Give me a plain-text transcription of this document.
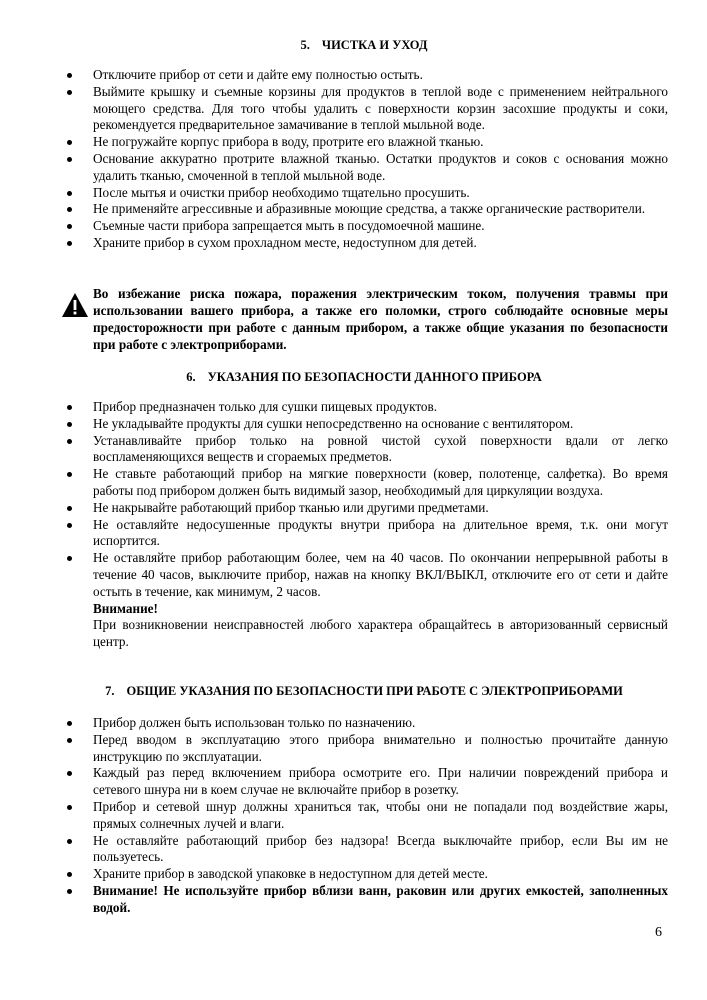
5. ЧИСТКА И УХОД
Отключите прибор от сети и дайте ему полностью остыть.
Выймите крышку и съемные корзины для продуктов в теплой воде с применением нейтрального моющего средства. Для того чтобы удалить с поверхности корзин засохшие продукты и соки, рекомендуется предварительное замачивание в теплой мыльной воде.
Не погружайте корпус прибора в воду, протрите его влажной тканью.
Основание аккуратно протрите влажной тканью. Остатки продуктов и соков с основания можно удалить тканью, смоченной в теплой мыльной воде.
После мытья и очистки прибор необходимо тщательно просушить.
Не применяйте агрессивные и абразивные моющие средства, а также органические растворители.
Съемные части прибора запрещается мыть в посудомоечной машине.
Храните прибор в сухом прохладном месте, недоступном для детей.
Во избежание риска пожара, поражения электрическим током, получения травмы при использовании вашего прибора, а также его поломки, строго соблюдайте основные меры предосторожности при работе с данным прибором, а также общие указания по безопасности при работе с электроприборами.
6. УКАЗАНИЯ ПО БЕЗОПАСНОСТИ ДАННОГО ПРИБОРА
Прибор предназначен только для сушки пищевых продуктов.
Не укладывайте продукты для сушки непосредственно на основание с вентилятором.
Устанавливайте прибор только на ровной чистой сухой поверхности вдали от легко воспламеняющихся веществ и сгораемых предметов.
Не ставьте работающий прибор на мягкие поверхности (ковер, полотенце, салфетка). Во время работы под прибором должен быть видимый зазор, необходимый для циркуляции воздуха.
Не накрывайте работающий прибор тканью или другими предметами.
Не оставляйте недосушенные продукты внутри прибора на длительное время, т.к. они могут испортится.
Не оставляйте прибор работающим более, чем на 40 часов. По окончании непрерывной работы в течение 40 часов, выключите прибор, нажав на кнопку ВКЛ/ВЫКЛ, отключите его от сети и дайте остыть в течение, как минимум, 2 часов.
Внимание!
При возникновении неисправностей любого характера обращайтесь в авторизованный сервисный центр.
7. ОБЩИЕ УКАЗАНИЯ ПО БЕЗОПАСНОСТИ ПРИ РАБОТЕ С ЭЛЕКТРОПРИБОРАМИ
Прибор должен быть использован только по назначению.
Перед вводом в эксплуатацию этого прибора внимательно и полностью прочитайте данную инструкцию по эксплуатации.
Каждый раз перед включением прибора осмотрите его. При наличии повреждений прибора и сетевого шнура ни в коем случае не включайте прибор в розетку.
Прибор и сетевой шнур должны храниться так, чтобы они не попадали под воздействие жары, прямых солнечных лучей и влаги.
Не оставляйте работающий прибор без надзора! Всегда выключайте прибор, если Вы им не пользуетесь.
Храните прибор в заводской упаковке в недоступном для детей месте.
Внимание! Не используйте прибор вблизи ванн, раковин или других емкостей, заполненных водой.
6
